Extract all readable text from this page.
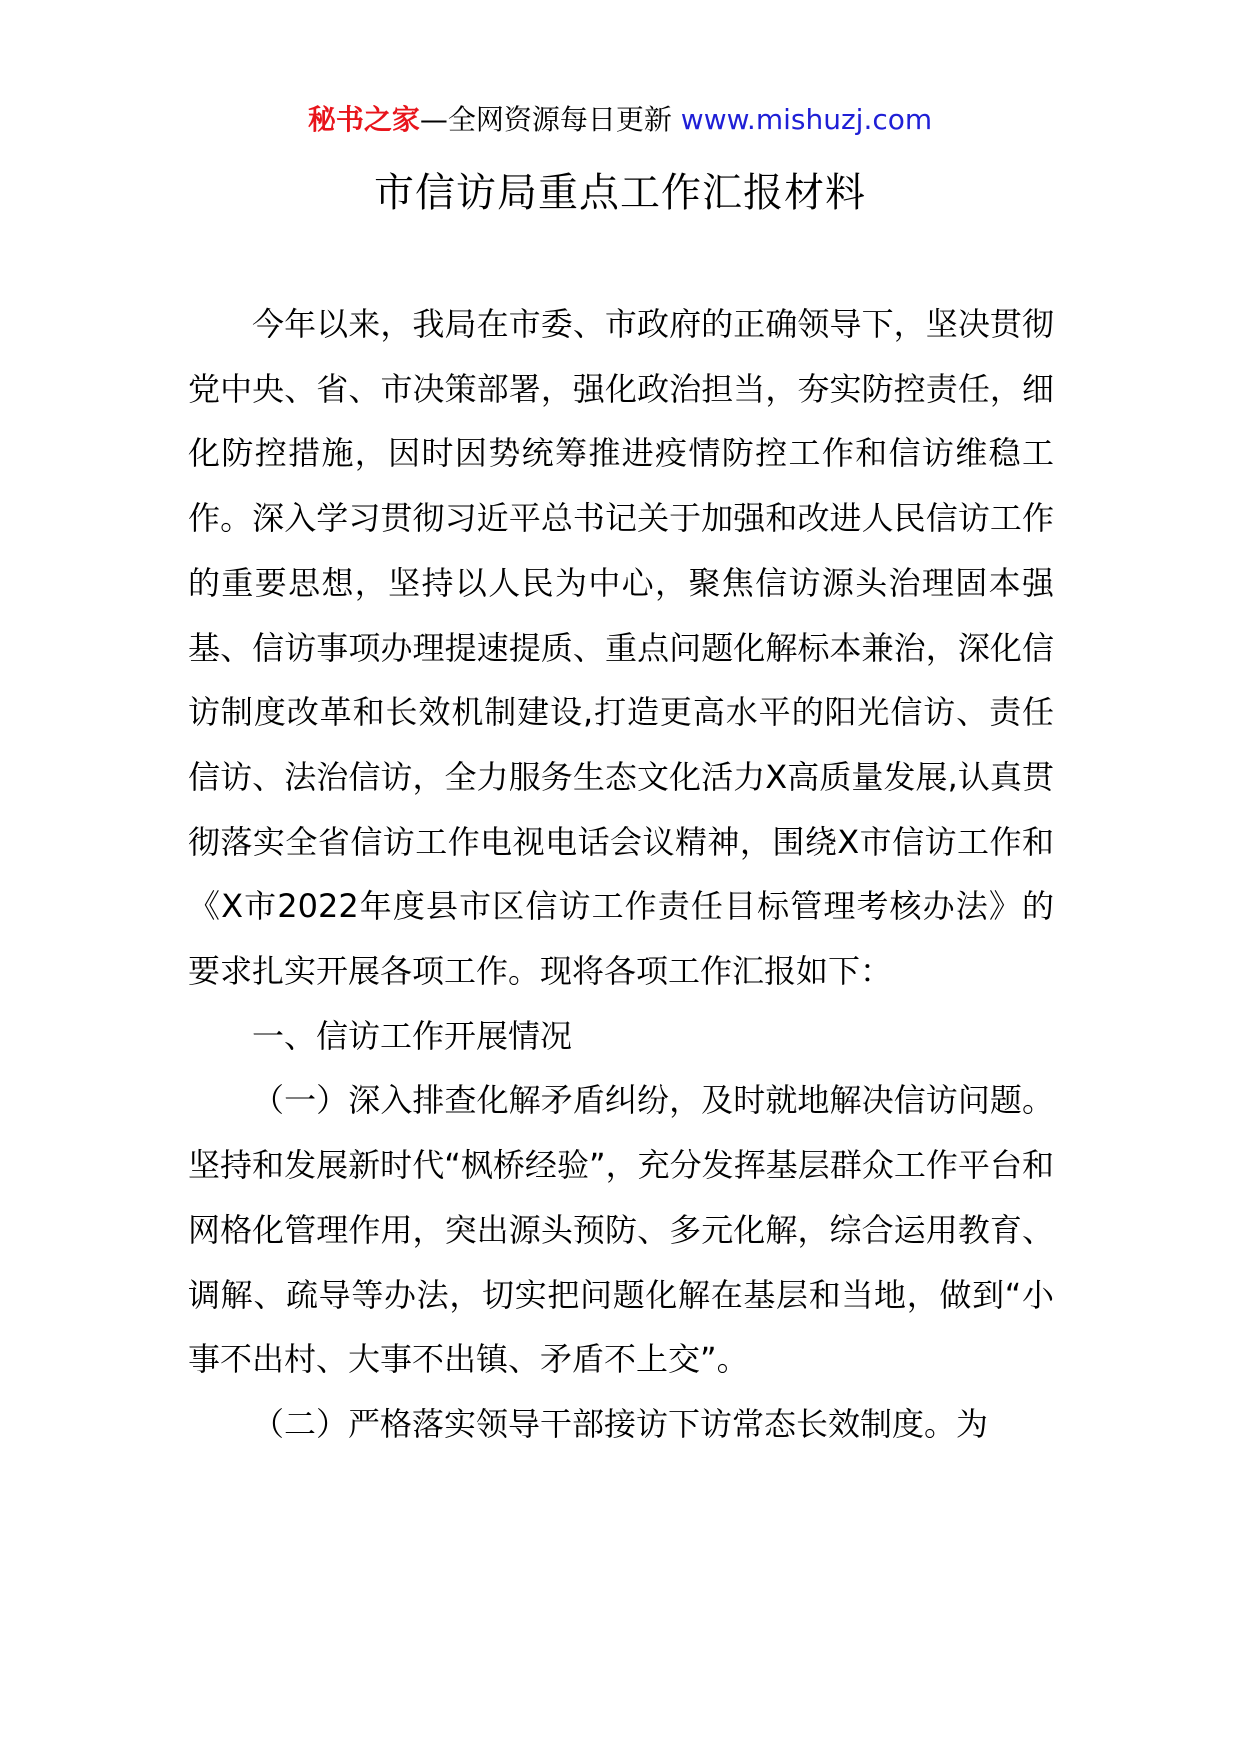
秘书之家—全网资源每日更新 www.mishuzj.com
市信访局重点工作汇报材料

今年以来，我局在市委、市政府的正确领导下，坚决贯彻党中央、省、市决策部署，强化政治担当，夯实防控责任，细化防控措施，因时因势统筹推进疫情防控工作和信访维稳工作。深入学习贯彻习近平总书记关于加强和改进人民信访工作的重要思想，坚持以人民为中心，聚焦信访源头治理固本强基、信访事项办理提速提质、重点问题化解标本兼治，深化信访制度改革和长效机制建设,打造更高水平的阳光信访、责任信访、法治信访，全力服务生态文化活力X高质量发展,认真贯彻落实全省信访工作电视电话会议精神，围绕X市信访工作和《X市2022年度县市区信访工作责任目标管理考核办法》的要求扎实开展各项工作。现将各项工作汇报如下：

一、信访工作开展情况

（一）深入排查化解矛盾纠纷，及时就地解决信访问题。坚持和发展新时代“枫桥经验”，充分发挥基层群众工作平台和网格化管理作用，突出源头预防、多元化解，综合运用教育、调解、疏导等办法，切实把问题化解在基层和当地，做到“小事不出村、大事不出镇、矛盾不上交”。

（二）严格落实领导干部接访下访常态长效制度。为
